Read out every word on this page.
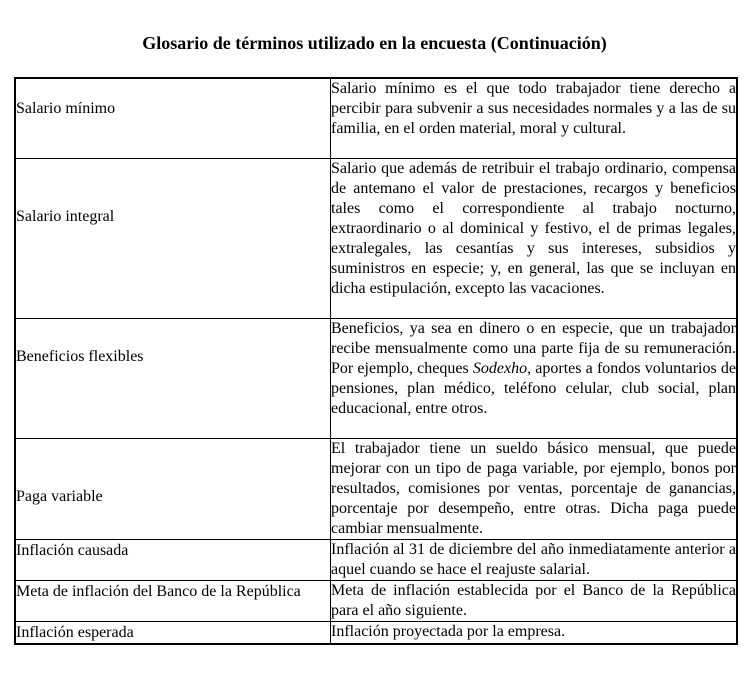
Glosario de términos utilizado en la encuesta (Continuación)
Salario mínimo	Salario mínimo es el que todo trabajador tiene derecho a percibir para subvenir a sus necesidades normales y a las de su familia, en el orden material, moral y cultural.

Salario integral	Salario que además de retribuir el trabajo ordinario, compensa de antemano el valor de prestaciones, recargos y beneficios tales como el correspondiente al trabajo nocturno, extraordinario o al dominical y festivo, el de primas legales, extralegales, las cesantías y sus intereses, subsidios y suministros en especie; y, en general, las que se incluyan en dicha estipulación, excepto las vacaciones.

Beneficios flexibles	Beneficios, ya sea en dinero o en especie, que un trabajador recibe mensualmente como una parte fija de su remuneración. Por ejemplo, cheques Sodexho, aportes a fondos voluntarios de pensiones, plan médico, teléfono celular, club social, plan educacional, entre otros.

Paga variable	El trabajador tiene un sueldo básico mensual, que puede mejorar con un tipo de paga variable, por ejemplo, bonos por resultados, comisiones por ventas, porcentaje de ganancias, porcentaje por desempeño, entre otras. Dicha paga puede cambiar mensualmente.

Inflación causada	Inflación al 31 de diciembre del año inmediatamente anterior a aquel cuando se hace el reajuste salarial.

Meta de inflación del Banco de la República	Meta de inflación establecida por el Banco de la República para el año siguiente.

Inflación esperada	Inflación proyectada por la empresa.
